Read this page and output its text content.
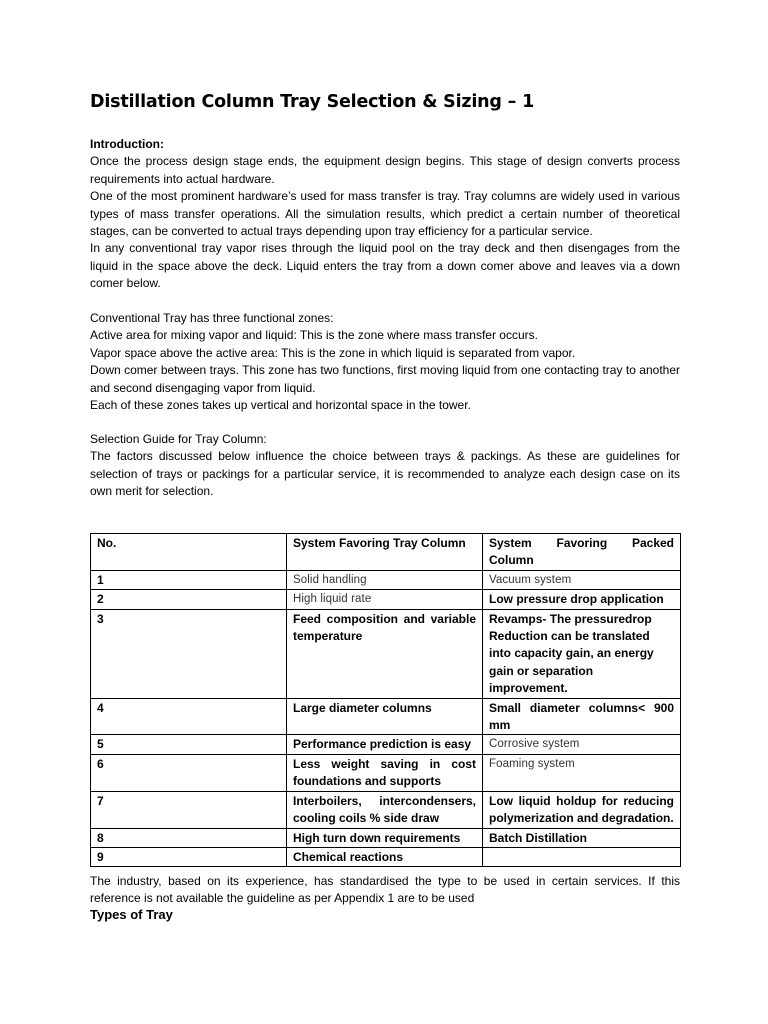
Distillation Column Tray Selection & Sizing – 1

Introduction:

Once the process design stage ends, the equipment design begins. This stage of design converts process requirements into actual hardware.

One of the most prominent hardware’s used for mass transfer is tray. Tray columns are widely used in various types of mass transfer operations. All the simulation results, which predict a certain number of theoretical stages, can be converted to actual trays depending upon tray efficiency for a particular service.

In any conventional tray vapor rises through the liquid pool on the tray deck and then disengages from the liquid in the space above the deck. Liquid enters the tray from a down comer above and leaves via a down comer below.

Conventional Tray has three functional zones:

Active area for mixing vapor and liquid: This is the zone where mass transfer occurs.

Vapor space above the active area: This is the zone in which liquid is separated from vapor.

Down comer between trays. This zone has two functions, first moving liquid from one contacting tray to another and second disengaging vapor from liquid.

Each of these zones takes up vertical and horizontal space in the tower.

Selection Guide for Tray Column:

The factors discussed below influence the choice between trays & packings. As these are guidelines for selection of trays or packings for a particular service, it is recommended to analyze each design case on its own merit for selection.

No.	System Favoring Tray Column	System Favoring Packed Column
1	Solid handling	Vacuum system
2	High liquid rate	Low pressure drop application
3	Feed composition and variable temperature	Revamps- The pressuredrop Reduction can be translated into capacity gain, an energy gain or separation improvement.
4	Large diameter columns	Small diameter columns< 900 mm
5	Performance prediction is easy	Corrosive system
6	Less weight saving in cost foundations and supports	Foaming system
7	Interboilers, intercondensers, cooling coils % side draw	Low liquid holdup for reducing polymerization and degradation.
8	High turn down requirements	Batch Distillation
9	Chemical reactions	

The industry, based on its experience, has standardised the type to be used in certain services. If this reference is not available the guideline as per Appendix 1 are to be used

Types of Tray
